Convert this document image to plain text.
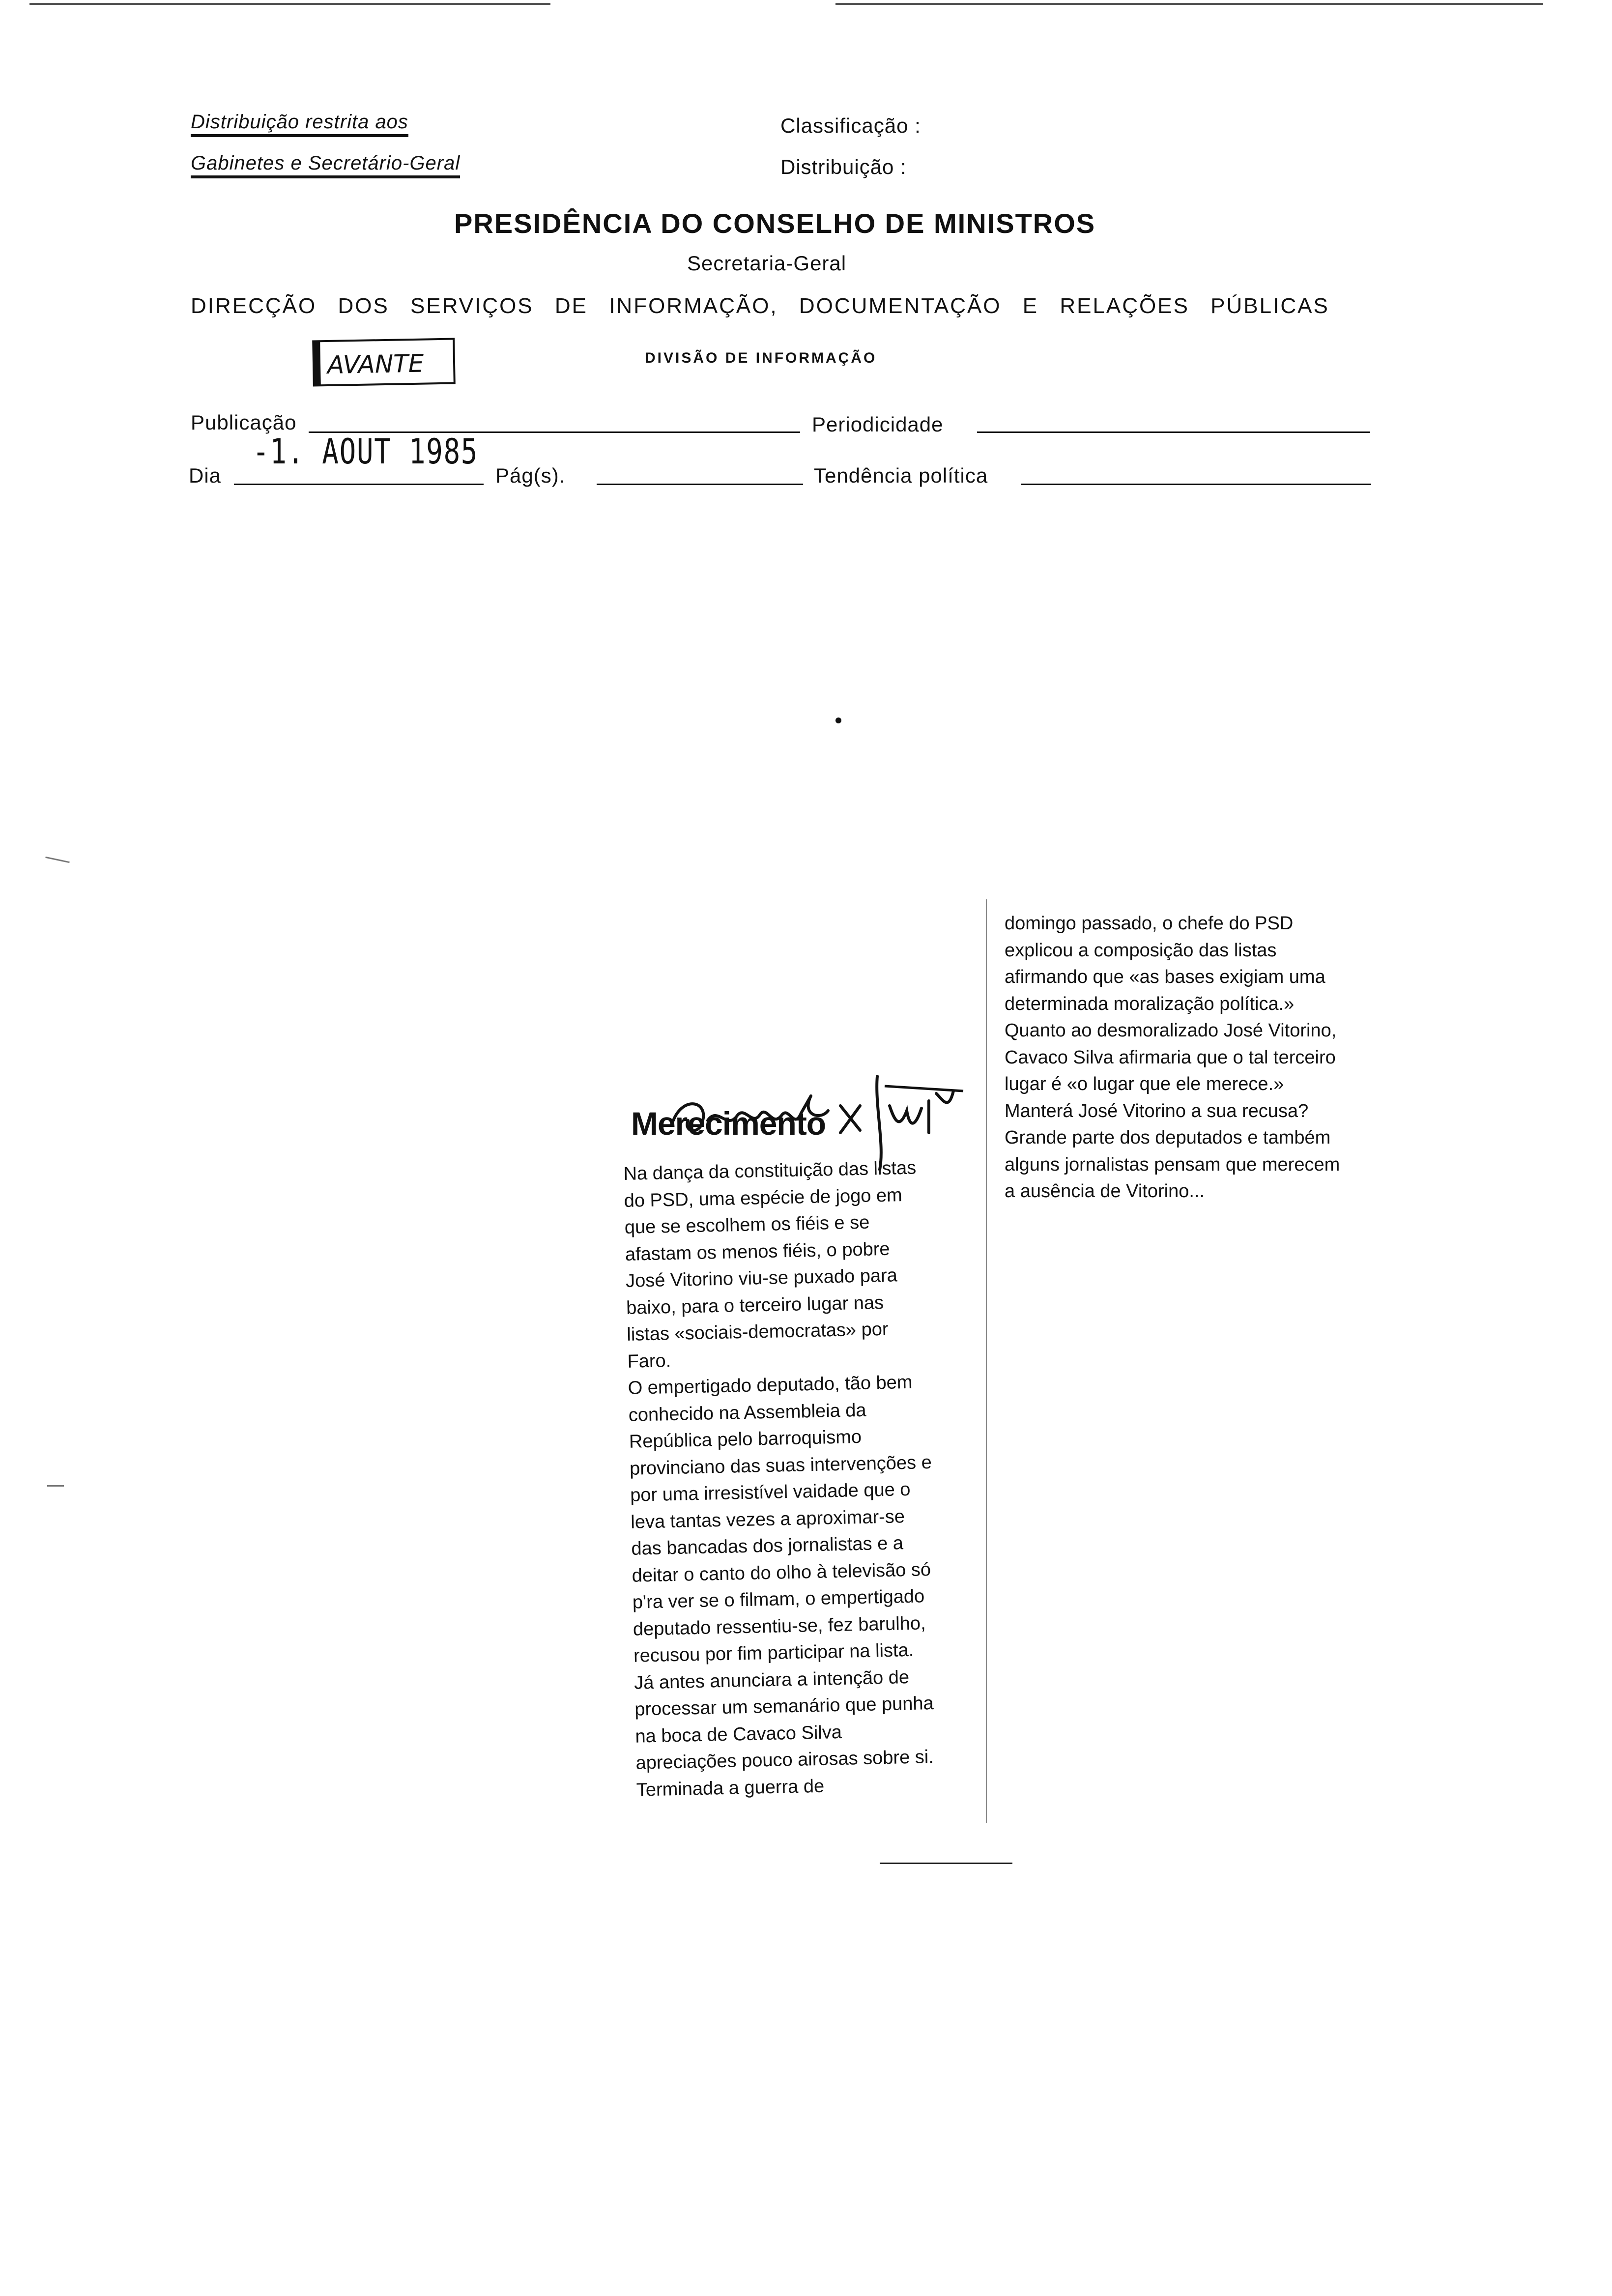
Distribuição restrita aos
Gabinetes e Secretário-Geral
Classificação :
Distribuição :
PRESIDÊNCIA DO CONSELHO DE MINISTROS
Secretaria-Geral
DIRECÇÃO DOS SERVIÇOS DE INFORMAÇÃO, DOCUMENTAÇÃO E RELAÇÕES PÚBLICAS
AVANTE	DIVISÃO DE INFORMAÇÃO
Publicação	Periodicidade
Dia
-1. AOUT 1985
Pág(s).	Tendência política
Merecimento

Na dança da constituição das listas do PSD, uma espécie de jogo em que se escolhem os fiéis e se afastam os menos fiéis, o pobre José Vitorino viu-se puxado para baixo, para o terceiro lugar nas listas «sociais-democratas» por Faro.

O empertigado deputado, tão bem conhecido na Assembleia da República pelo barroquismo provinciano das suas intervenções e por uma irresistível vaidade que o leva tantas vezes a aproximar-se das bancadas dos jornalistas e a deitar o canto do olho à televisão só p'ra ver se o filmam, o empertigado deputado ressentiu-se, fez barulho, recusou por fim participar na lista. Já antes anunciara a intenção de processar um semanário que punha na boca de Cavaco Silva apreciações pouco airosas sobre si. Terminada a guerra de

domingo passado, o chefe do PSD explicou a composição das listas afirmando que «as bases exigiam uma determinada moralização política.» Quanto ao desmoralizado José Vitorino, Cavaco Silva afirmaria que o tal terceiro lugar é «o lugar que ele merece.» Manterá José Vitorino a sua recusa? Grande parte dos deputados e também alguns jornalistas pensam que merecem a ausência de Vitorino...
